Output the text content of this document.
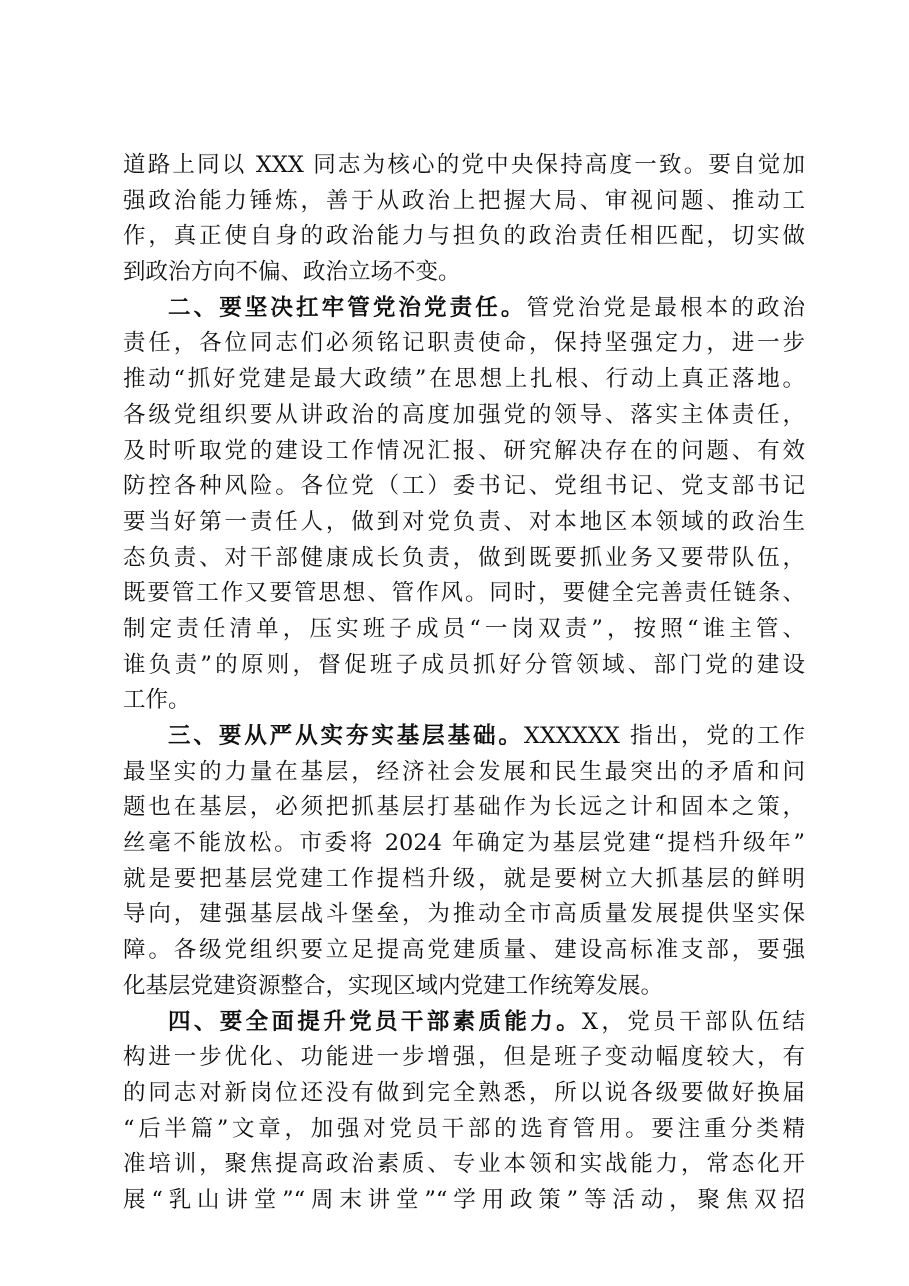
道路上同以 XXX 同志为核心的党中央保持高度一致。要自觉加
强政治能力锤炼，善于从政治上把握大局、审视问题、推动工
作，真正使自身的政治能力与担负的政治责任相匹配，切实做
到政治方向不偏、政治立场不变。
二、要坚决扛牢管党治党责任。管党治党是最根本的政治
责任，各位同志们必须铭记职责使命，保持坚强定力，进一步
推动“抓好党建是最大政绩”在思想上扎根、行动上真正落地。
各级党组织要从讲政治的高度加强党的领导、落实主体责任，
及时听取党的建设工作情况汇报、研究解决存在的问题、有效
防控各种风险。各位党（工）委书记、党组书记、党支部书记
要当好第一责任人，做到对党负责、对本地区本领域的政治生
态负责、对干部健康成长负责，做到既要抓业务又要带队伍，
既要管工作又要管思想、管作风。同时，要健全完善责任链条、
制定责任清单，压实班子成员“一岗双责”，按照“谁主管、
谁负责”的原则，督促班子成员抓好分管领域、部门党的建设
工作。
三、要从严从实夯实基层基础。XXXXXX 指出，党的工作
最坚实的力量在基层，经济社会发展和民生最突出的矛盾和问
题也在基层，必须把抓基层打基础作为长远之计和固本之策，
丝毫不能放松。市委将 2024 年确定为基层党建“提档升级年”
就是要把基层党建工作提档升级，就是要树立大抓基层的鲜明
导向，建强基层战斗堡垒，为推动全市高质量发展提供坚实保
障。各级党组织要立足提高党建质量、建设高标准支部，要强
化基层党建资源整合，实现区域内党建工作统筹发展。
四、要全面提升党员干部素质能力。X，党员干部队伍结
构进一步优化、功能进一步增强，但是班子变动幅度较大，有
的同志对新岗位还没有做到完全熟悉，所以说各级要做好换届
“后半篇”文章，加强对党员干部的选育管用。要注重分类精
准培训，聚焦提高政治素质、专业本领和实战能力，常态化开
展“乳山讲堂”“周末讲堂”“学用政策”等活动，聚焦双招
